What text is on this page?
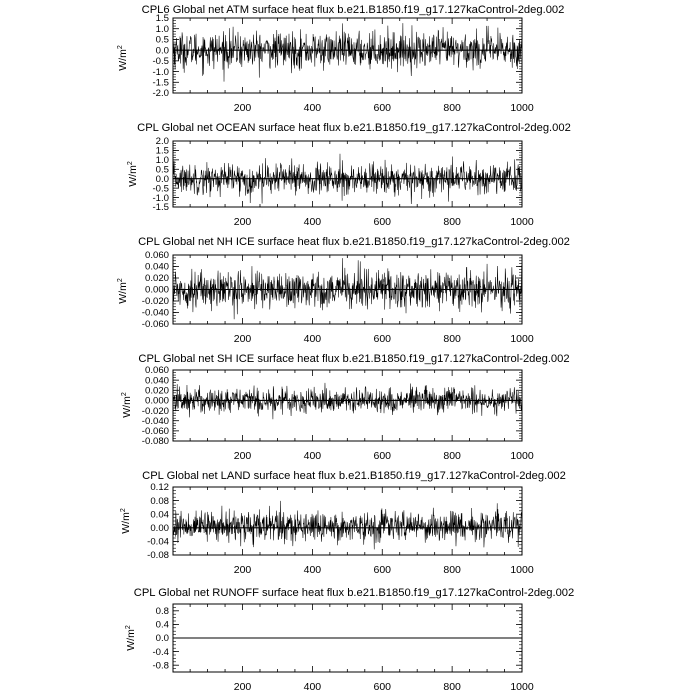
CPL6 Global net ATM surface heat flux b.e21.B1850.f19_g17.127kaControl-2deg.002
200	400	600	800	1000
1.5
1.0
0.5
0.0
-0.5
-1.0
-1.5
-2.0
$W/m^2$
CPL Global net OCEAN surface heat flux b.e21.B1850.f19_g17.127kaControl-2deg.002
200	400	600	800	1000
2.0
1.5
1.0
0.5
0.0
-0.5
-1.0
-1.5
$W/m^2$
CPL Global net NH ICE surface heat flux b.e21.B1850.f19_g17.127kaControl-2deg.002
200	400	600	800	1000
0.060
0.040
0.020
0.000
-0.020
-0.040
-0.060
$W/m^2$
CPL Global net SH ICE surface heat flux b.e21.B1850.f19_g17.127kaControl-2deg.002
200	400	600	800	1000
0.060
0.040
0.020
0.000
-0.020
-0.040
-0.060
-0.080
$W/m^2$
CPL Global net LAND surface heat flux b.e21.B1850.f19_g17.127kaControl-2deg.002
200	400	600	800	1000
0.12
0.08
0.04
0.00
-0.04
-0.08
$W/m^2$
CPL Global net RUNOFF surface heat flux b.e21.B1850.f19_g17.127kaControl-2deg.002
200	400	600	800	1000
0.8
0.4
0.0
-0.4
-0.8
$W/m^2$
